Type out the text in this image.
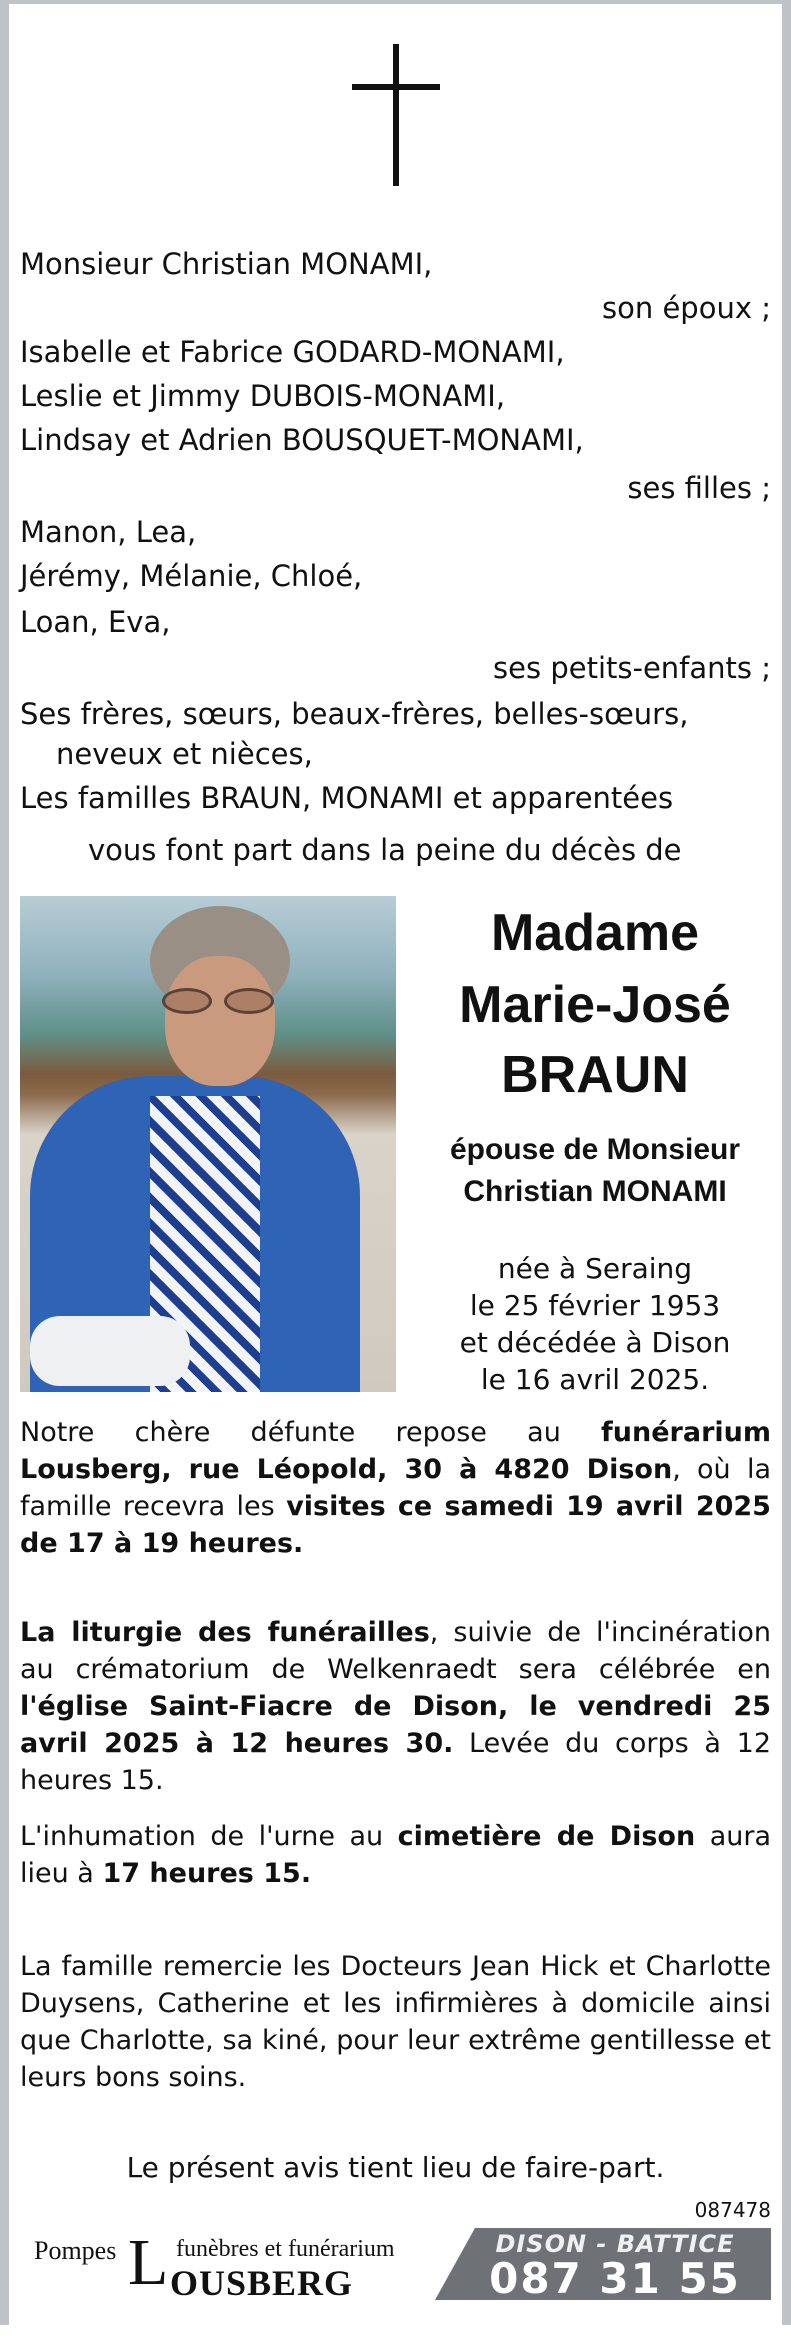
Monsieur Christian MONAMI,
son époux ;
Isabelle et Fabrice GODARD-MONAMI,
Leslie et Jimmy DUBOIS-MONAMI,
Lindsay et Adrien BOUSQUET-MONAMI,
ses filles ;
Manon, Lea,
Jérémy, Mélanie, Chloé,
Loan, Eva,
ses petits-enfants ;
Ses frères, sœurs, beaux-frères, belles-sœurs,
neveux et nièces,
Les familles BRAUN, MONAMI et apparentées
vous font part dans la peine du décès de
Madame
Marie-José
BRAUN
épouse de Monsieur
Christian MONAMI
née à Seraing
le 25 février 1953
et décédée à Dison
le 16 avril 2025.
Notre chère défunte repose au funérarium Lousberg, rue Léopold, 30 à 4820 Dison, où la famille recevra les visites ce samedi 19 avril 2025 de 17 à 19 heures.
La liturgie des funérailles, suivie de l'incinération au crématorium de Welkenraedt sera célébrée en l'église Saint-Fiacre de Dison, le vendredi 25 avril 2025 à 12 heures 30. Levée du corps à 12 heures 15.
L'inhumation de l'urne au cimetière de Dison aura lieu à 17 heures 15.
La famille remercie les Docteurs Jean Hick et Charlotte Duysens, Catherine et les infirmières à domicile ainsi que Charlotte, sa kiné, pour leur extrême gentillesse et leurs bons soins.
Le présent avis tient lieu de faire-part.
087478
Pompes L funèbres et funérarium
OUSBERG
DISON - BATTICE
087 31 55 55
